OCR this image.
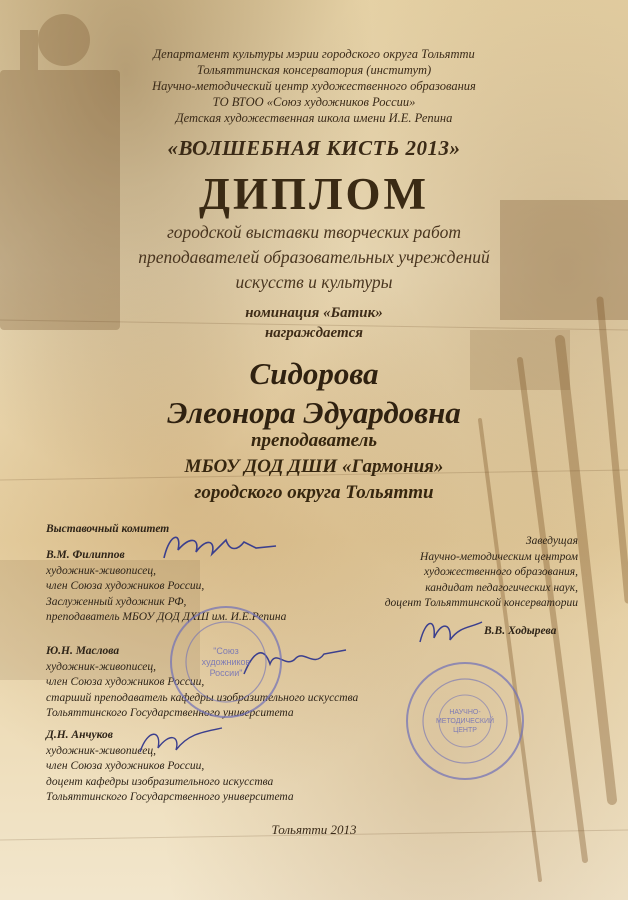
Департамент культуры мэрии городского округа Тольятти
Тольяттинская консерватория (институт)
Научно-методический центр художественного образования
ТО ВТОО «Союз художников России»
Детская художественная школа имени И.Е. Репина
«ВОЛШЕБНАЯ КИСТЬ 2013»
ДИПЛОМ
городской выставки творческих работ
преподавателей образовательных учреждений
искусств и культуры
номинация «Батик»
награждается
Сидорова
Элеонора Эдуардовна
преподаватель
МБОУ ДОД ДШИ «Гармония»
городского округа Тольятти
Выставочный комитет
В.М. Филиппов
художник-живописец,
член Союза художников России,
Заслуженный художник РФ,
преподаватель МБОУ ДОД ДХШ им. И.Е.Репина
Ю.Н. Маслова
художник-живописец,
член Союза художников России,
старший преподаватель кафедры изобразительного искусства
Тольяттинского Государственного университета
Д.Н. Анчуков
художник-живописец,
член Союза художников России,
доцент кафедры изобразительного искусства
Тольяттинского Государственного университета
Заведущая
Научно-методическим центром
художественного образования,
кандидат педагогических наук,
доцент Тольяттинской консерватории
В.В. Ходырева
"Союз
художников
России"
НАУЧНО-
МЕТОДИЧЕСКИЙ
ЦЕНТР
Тольятти 2013
